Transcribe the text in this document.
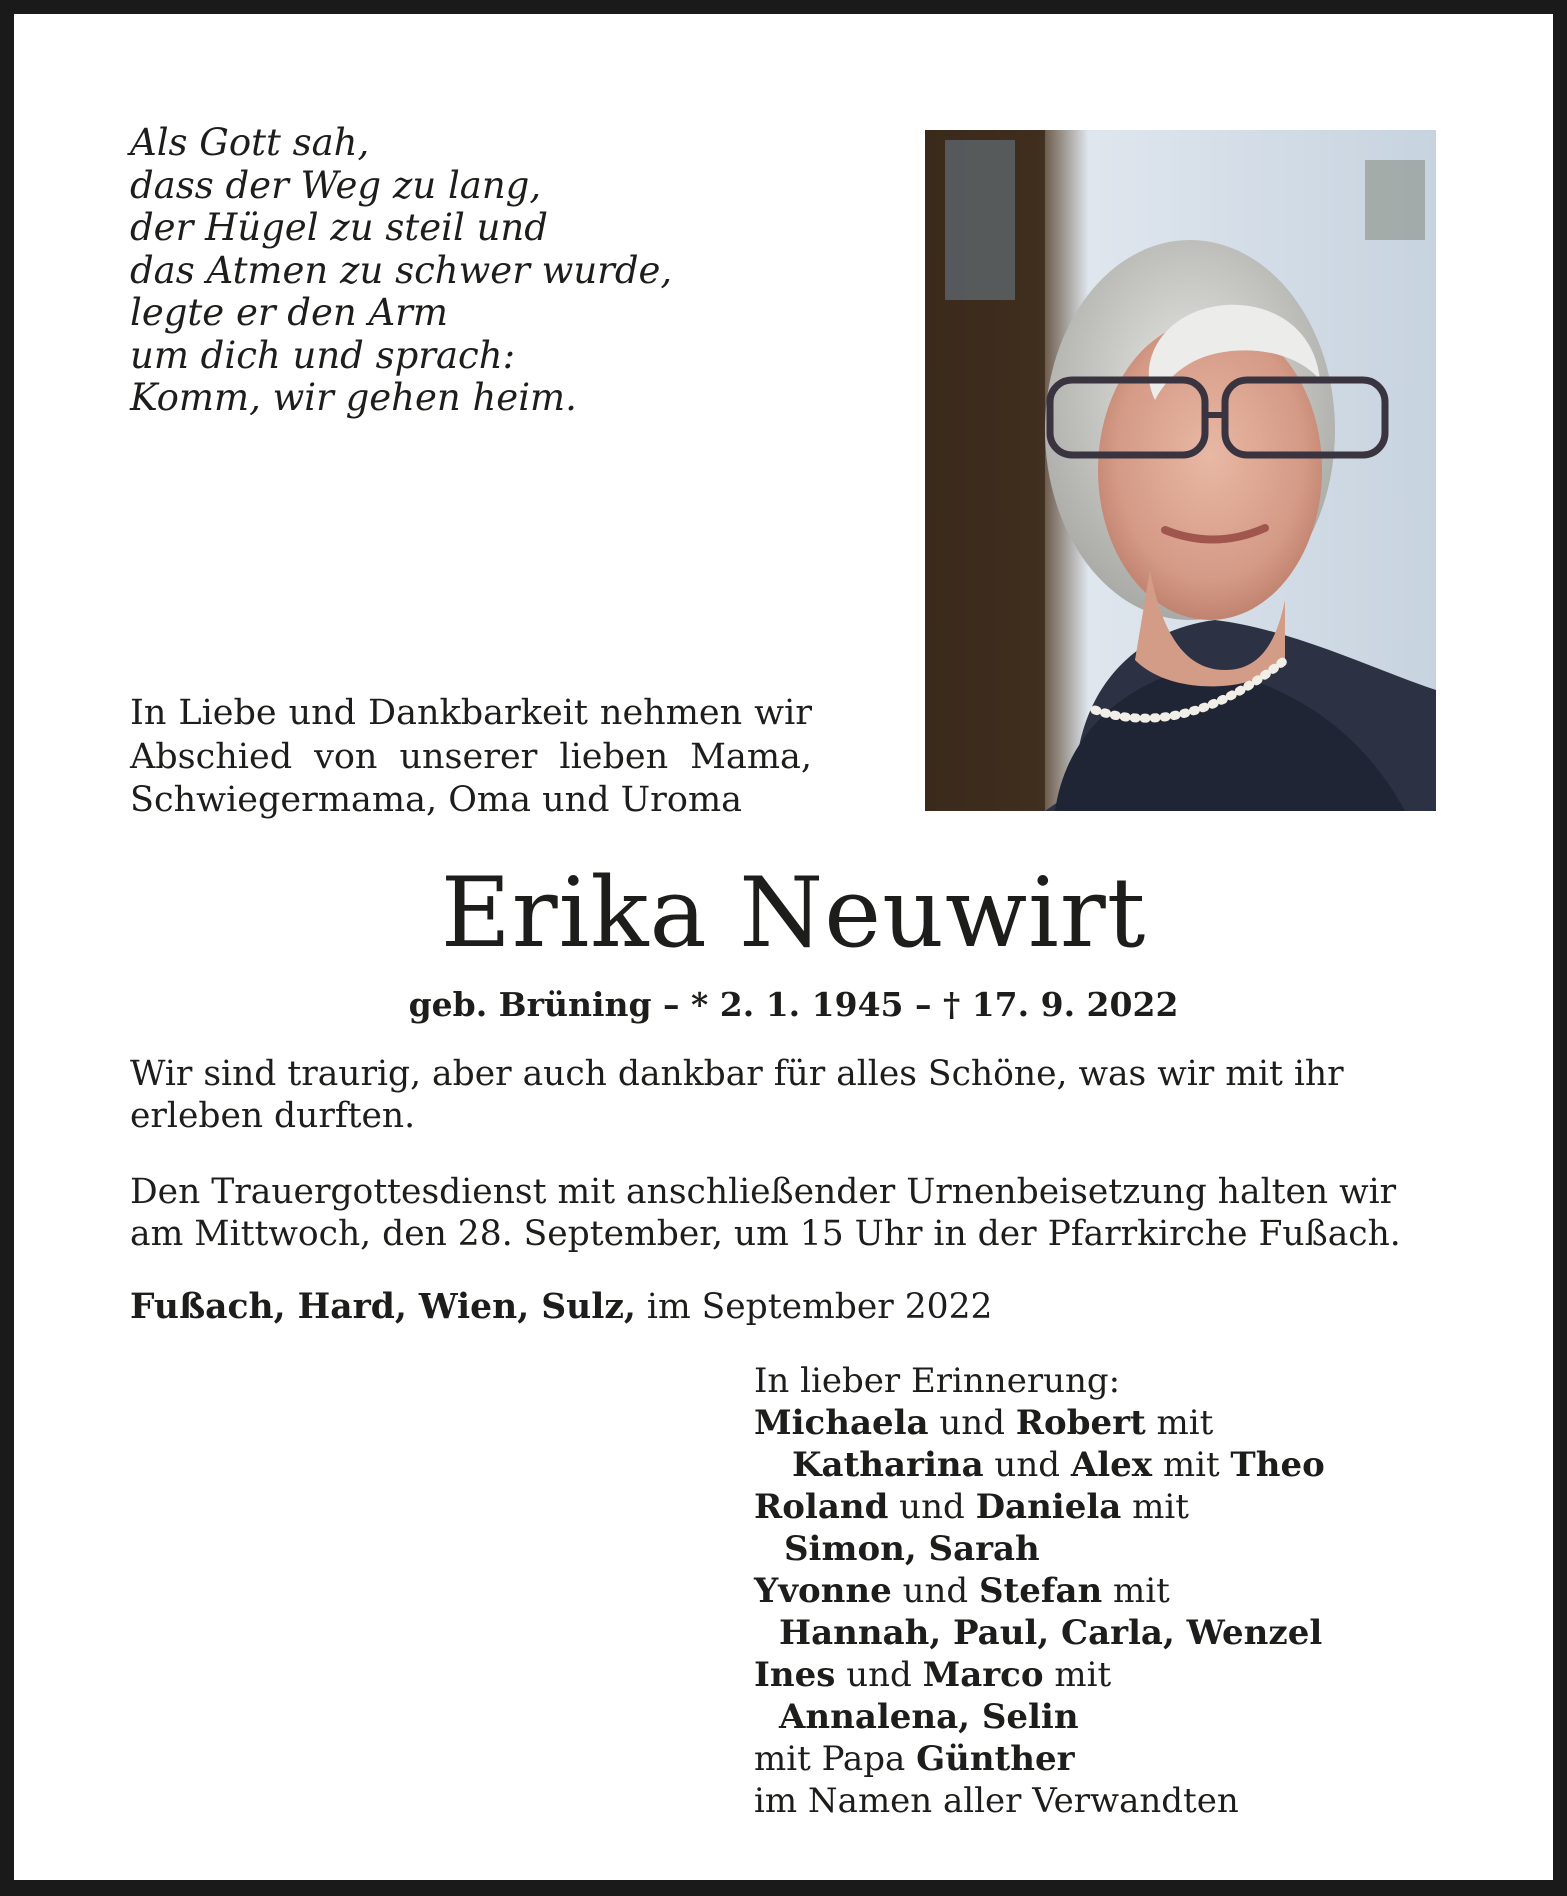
Als Gott sah,
dass der Weg zu lang,
der Hügel zu steil und
das Atmen zu schwer wurde,
legte er den Arm
um dich und sprach:
Komm, wir gehen heim.
In Liebe und Dankbarkeit nehmen wir Abschied von unserer lieben Mama, Schwiegermama, Oma und Uroma
Erika Neuwirt
geb. Brüning – * 2. 1. 1945 – † 17. 9. 2022
Wir sind traurig, aber auch dankbar für alles Schöne, was wir mit ihr erleben durften.
Den Trauergottesdienst mit anschließender Urnenbeisetzung halten wir am Mittwoch, den 28. September, um 15 Uhr in der Pfarrkirche Fußach.
Fußach, Hard, Wien, Sulz, im September 2022
In lieber Erinnerung:
Michaela und Robert mit
Katharina und Alex mit Theo
Roland und Daniela mit
Simon, Sarah
Yvonne und Stefan mit
Hannah, Paul, Carla, Wenzel
Ines und Marco mit
Annalena, Selin
mit Papa Günther
im Namen aller Verwandten
